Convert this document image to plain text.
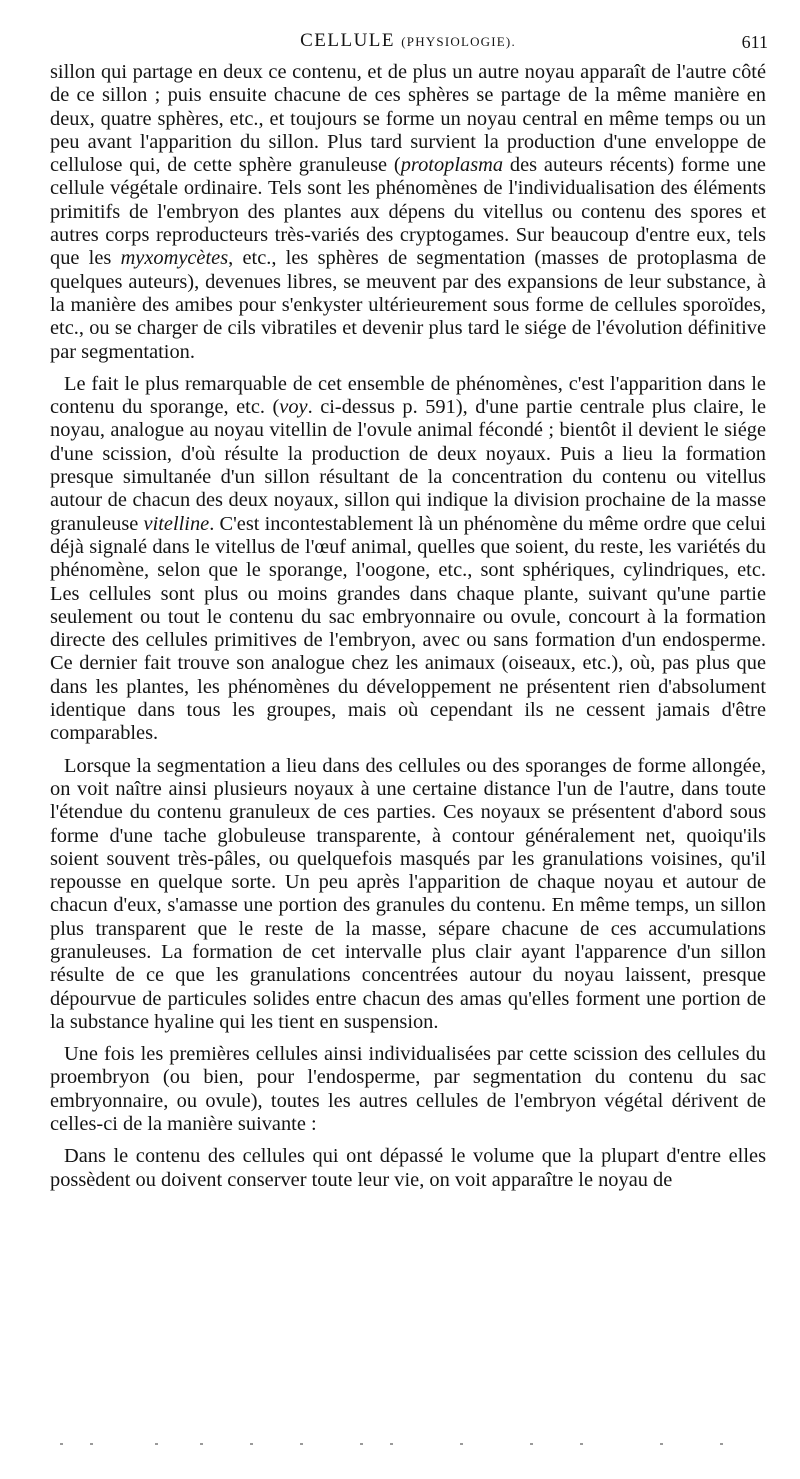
CELLULE (PHYSIOLOGIE).	611

sillon qui partage en deux ce contenu, et de plus un autre noyau apparaît de l'autre côté de ce sillon ; puis ensuite chacune de ces sphères se partage de la même manière en deux, quatre sphères, etc., et toujours se forme un noyau central en même temps ou un peu avant l'apparition du sillon. Plus tard survient la production d'une enveloppe de cellulose qui, de cette sphère granuleuse (protoplasma des auteurs récents) forme une cellule végétale ordinaire. Tels sont les phénomènes de l'individualisation des éléments primitifs de l'embryon des plantes aux dépens du vitellus ou contenu des spores et autres corps reproducteurs très-variés des cryptogames. Sur beaucoup d'entre eux, tels que les myxomycètes, etc., les sphères de segmentation (masses de protoplasma de quelques auteurs), devenues libres, se meuvent par des expansions de leur substance, à la manière des amibes pour s'enkyster ultérieurement sous forme de cellules sporoïdes, etc., ou se charger de cils vibratiles et devenir plus tard le siége de l'évolution définitive par segmentation.

Le fait le plus remarquable de cet ensemble de phénomènes, c'est l'apparition dans le contenu du sporange, etc. (voy. ci-dessus p. 591), d'une partie centrale plus claire, le noyau, analogue au noyau vitellin de l'ovule animal fécondé ; bientôt il devient le siége d'une scission, d'où résulte la production de deux noyaux. Puis a lieu la formation presque simultanée d'un sillon résultant de la concentration du contenu ou vitellus autour de chacun des deux noyaux, sillon qui indique la division prochaine de la masse granuleuse vitelline. C'est incontestablement là un phénomène du même ordre que celui déjà signalé dans le vitellus de l'œuf animal, quelles que soient, du reste, les variétés du phénomène, selon que le sporange, l'oogone, etc., sont sphériques, cylindriques, etc. Les cellules sont plus ou moins grandes dans chaque plante, suivant qu'une partie seulement ou tout le contenu du sac embryonnaire ou ovule, concourt à la formation directe des cellules primitives de l'embryon, avec ou sans formation d'un endosperme. Ce dernier fait trouve son analogue chez les animaux (oiseaux, etc.), où, pas plus que dans les plantes, les phénomènes du développement ne présentent rien d'absolument identique dans tous les groupes, mais où cependant ils ne cessent jamais d'être comparables.

Lorsque la segmentation a lieu dans des cellules ou des sporanges de forme allongée, on voit naître ainsi plusieurs noyaux à une certaine distance l'un de l'autre, dans toute l'étendue du contenu granuleux de ces parties. Ces noyaux se présentent d'abord sous forme d'une tache globuleuse transparente, à contour généralement net, quoiqu'ils soient souvent très-pâles, ou quelquefois masqués par les granulations voisines, qu'il repousse en quelque sorte. Un peu après l'apparition de chaque noyau et autour de chacun d'eux, s'amasse une portion des granules du contenu. En même temps, un sillon plus transparent que le reste de la masse, sépare chacune de ces accumulations granuleuses. La formation de cet intervalle plus clair ayant l'apparence d'un sillon résulte de ce que les granulations concentrées autour du noyau laissent, presque dépourvue de particules solides entre chacun des amas qu'elles forment une portion de la substance hyaline qui les tient en suspension.

Une fois les premières cellules ainsi individualisées par cette scission des cellules du proembryon (ou bien, pour l'endosperme, par segmentation du contenu du sac embryonnaire, ou ovule), toutes les autres cellules de l'embryon végétal dérivent de celles-ci de la manière suivante :

Dans le contenu des cellules qui ont dépassé le volume que la plupart d'entre elles possèdent ou doivent conserver toute leur vie, on voit apparaître le noyau de
